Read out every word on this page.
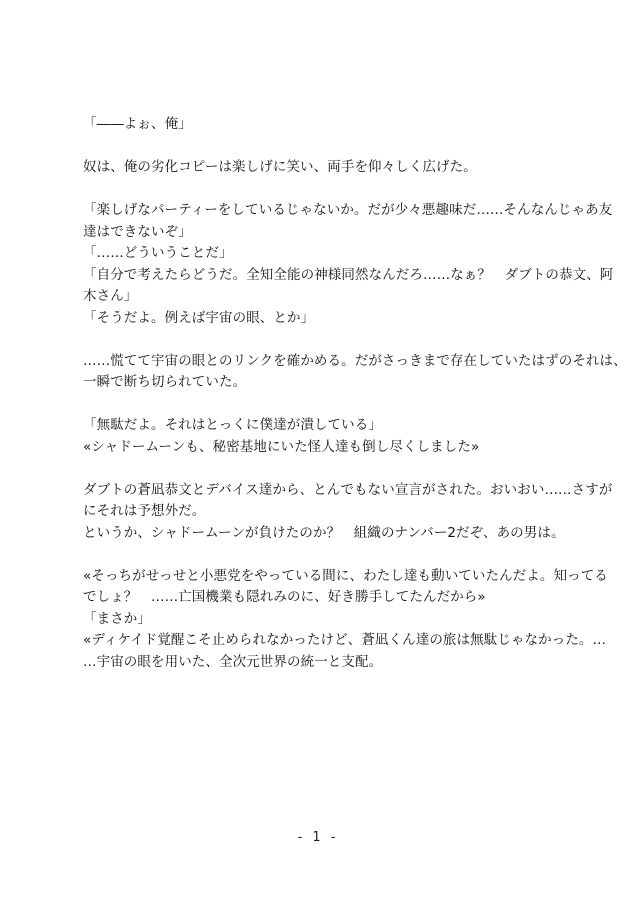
「――よぉ、俺」
奴は、俺の劣化コピーは楽しげに笑い、両手を仰々しく広げた。
「楽しげなパーティーをしているじゃないか。だが少々悪趣味だ……そんなんじゃあ友
達はできないぞ」
「……どういうことだ」
「自分で考えたらどうだ。全知全能の神様同然なんだろ……なぁ？　ダブトの恭文、阿
木さん」
「そうだよ。例えば宇宙の眼、とか」
……慌てて宇宙の眼とのリンクを確かめる。だがさっきまで存在していたはずのそれは、
一瞬で断ち切られていた。
「無駄だよ。それはとっくに僕達が潰している」
«シャドームーンも、秘密基地にいた怪人達も倒し尽くしました»
ダブトの蒼凪恭文とデバイス達から、とんでもない宣言がされた。おいおい……さすが
にそれは予想外だ。
というか、シャドームーンが負けたのか？　組織のナンバー2だぞ、あの男は。
«そっちがせっせと小悪党をやっている間に、わたし達も動いていたんだよ。知ってる
でしょ？　……亡国機業も隠れみのに、好き勝手してたんだから»
「まさか」
«ディケイド覚醒こそ止められなかったけど、蒼凪くん達の旅は無駄じゃなかった。…
…宇宙の眼を用いた、全次元世界の統一と支配。
- 1 -
